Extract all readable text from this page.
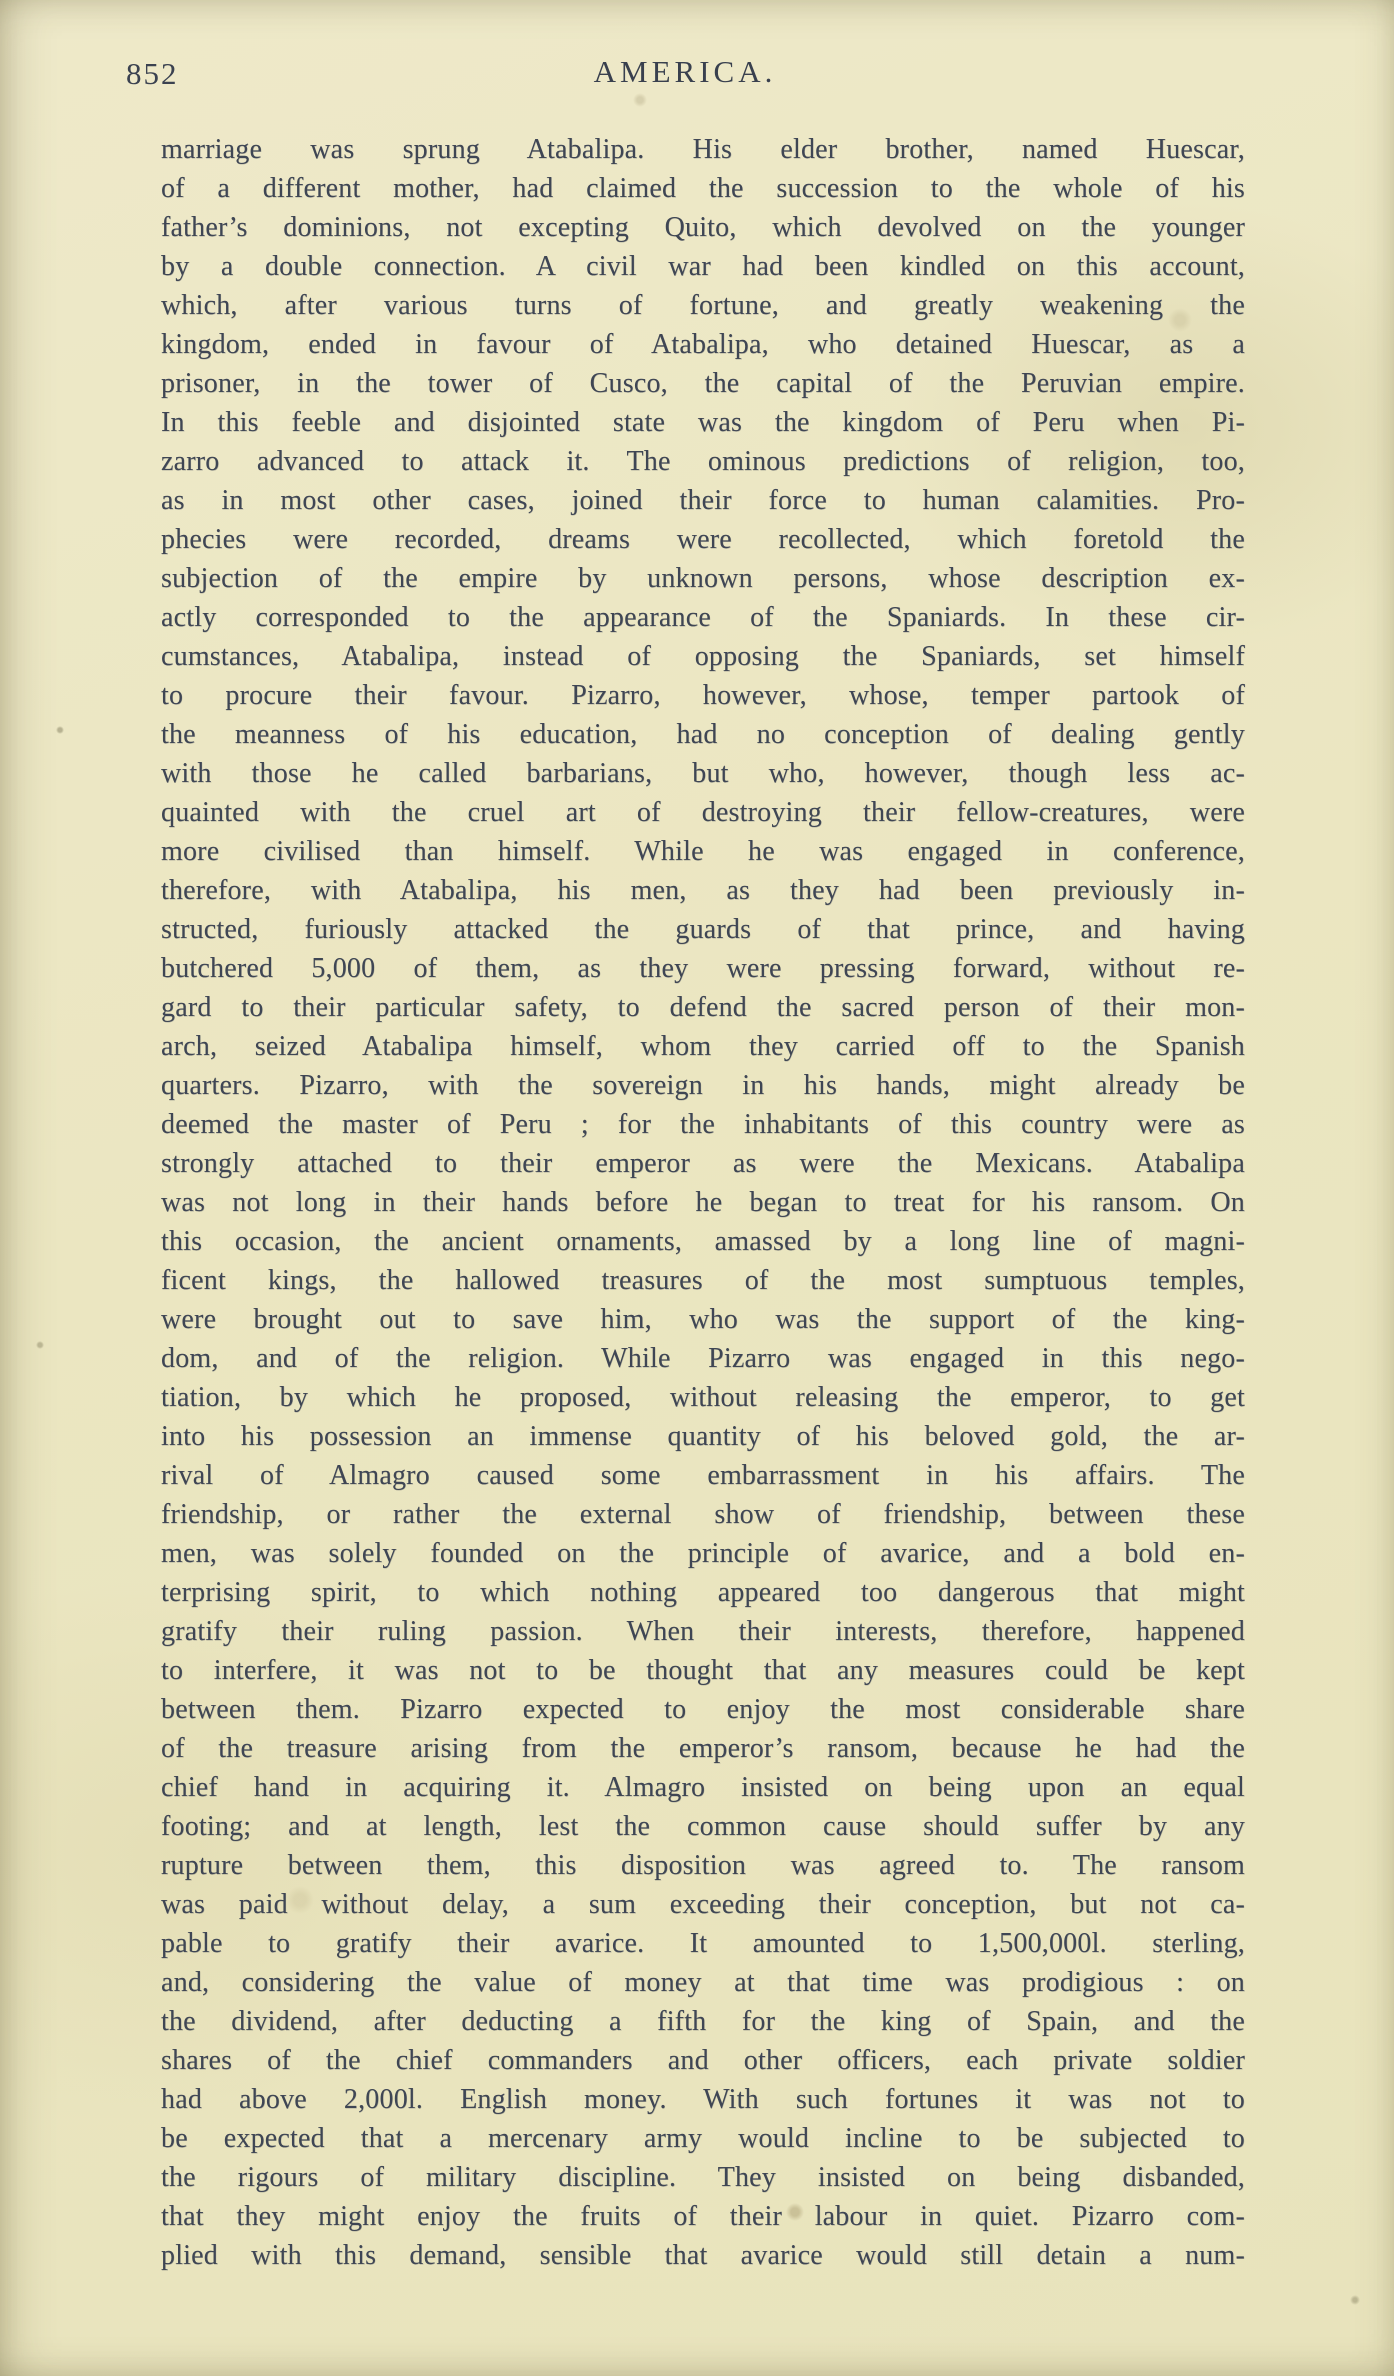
852	AMERICA.
marriage was sprung Atabalipa. His elder brother, named Huescar,
of a different mother, had claimed the succession to the whole of his
father’s dominions, not excepting Quito, which devolved on the younger
by a double connection. A civil war had been kindled on this account,
which, after various turns of fortune, and greatly weakening the
kingdom, ended in favour of Atabalipa, who detained Huescar, as a
prisoner, in the tower of Cusco, the capital of the Peruvian empire.
In this feeble and disjointed state was the kingdom of Peru when Pi-
zarro advanced to attack it. The ominous predictions of religion, too,
as in most other cases, joined their force to human calamities. Pro-
phecies were recorded, dreams were recollected, which foretold the
subjection of the empire by unknown persons, whose description ex-
actly corresponded to the appearance of the Spaniards. In these cir-
cumstances, Atabalipa, instead of opposing the Spaniards, set himself
to procure their favour. Pizarro, however, whose, temper partook of
the meanness of his education, had no conception of dealing gently
with those he called barbarians, but who, however, though less ac-
quainted with the cruel art of destroying their fellow-creatures, were
more civilised than himself. While he was engaged in conference,
therefore, with Atabalipa, his men, as they had been previously in-
structed, furiously attacked the guards of that prince, and having
butchered 5,000 of them, as they were pressing forward, without re-
gard to their particular safety, to defend the sacred person of their mon-
arch, seized Atabalipa himself, whom they carried off to the Spanish
quarters. Pizarro, with the sovereign in his hands, might already be
deemed the master of Peru ; for the inhabitants of this country were as
strongly attached to their emperor as were the Mexicans. Atabalipa
was not long in their hands before he began to treat for his ransom. On
this occasion, the ancient ornaments, amassed by a long line of magni-
ficent kings, the hallowed treasures of the most sumptuous temples,
were brought out to save him, who was the support of the king-
dom, and of the religion. While Pizarro was engaged in this nego-
tiation, by which he proposed, without releasing the emperor, to get
into his possession an immense quantity of his beloved gold, the ar-
rival of Almagro caused some embarrassment in his affairs. The
friendship, or rather the external show of friendship, between these
men, was solely founded on the principle of avarice, and a bold en-
terprising spirit, to which nothing appeared too dangerous that might
gratify their ruling passion. When their interests, therefore, happened
to interfere, it was not to be thought that any measures could be kept
between them. Pizarro expected to enjoy the most considerable share
of the treasure arising from the emperor’s ransom, because he had the
chief hand in acquiring it. Almagro insisted on being upon an equal
footing; and at length, lest the common cause should suffer by any
rupture between them, this disposition was agreed to. The ransom
was paid without delay, a sum exceeding their conception, but not ca-
pable to gratify their avarice. It amounted to 1,500,000l. sterling,
and, considering the value of money at that time was prodigious : on
the dividend, after deducting a fifth for the king of Spain, and the
shares of the chief commanders and other officers, each private soldier
had above 2,000l. English money. With such fortunes it was not to
be expected that a mercenary army would incline to be subjected to
the rigours of military discipline. They insisted on being disbanded,
that they might enjoy the fruits of their labour in quiet. Pizarro com-
plied with this demand, sensible that avarice would still detain a num-
